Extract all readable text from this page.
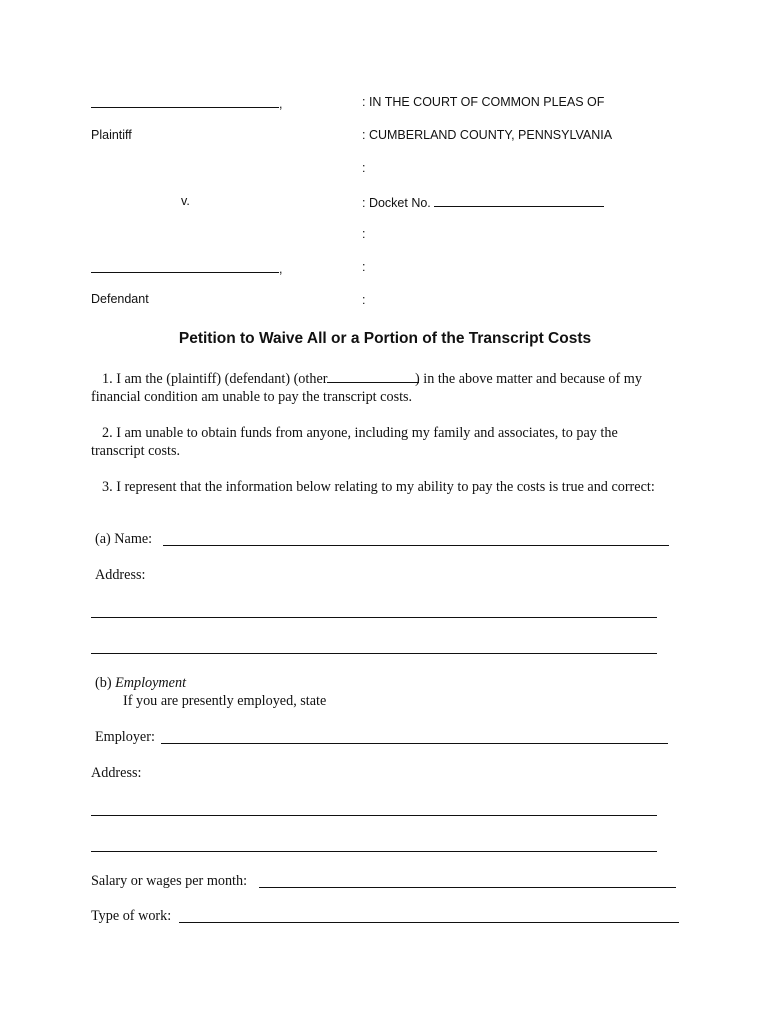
,
Plaintiff
v.
,
Defendant
: IN THE COURT OF COMMON PLEAS OF
: CUMBERLAND COUNTY, PENNSYLVANIA
:
: Docket No.
:
:
:
Petition to Waive All or a Portion of the Transcript Costs
1. I am the (plaintiff) (defendant) (other	) in the above matter and because of my financial condition am unable to pay the transcript costs.
2. I am unable to obtain funds from anyone, including my family and associates, to pay the transcript costs.
3. I represent that the information below relating to my ability to pay the costs is true and correct:
(a) Name:
Address:
(b) Employment
If you are presently employed, state
Employer:
Address:
Salary or wages per month:
Type of work:
